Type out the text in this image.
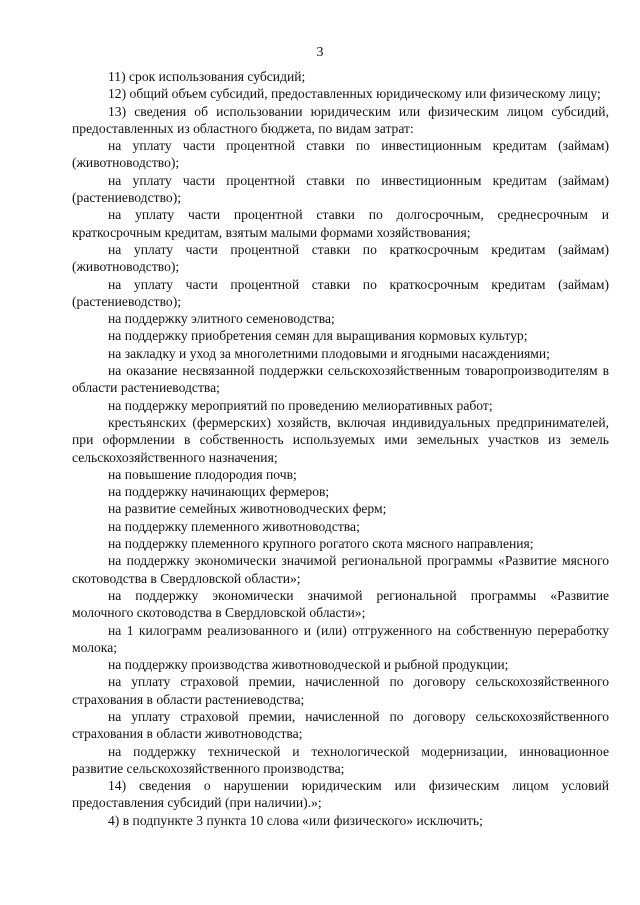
3

11) срок использования субсидий;

12) общий объем субсидий, предоставленных юридическому или физическому лицу;

13) сведения об использовании юридическим или физическим лицом субсидий, предоставленных из областного бюджета, по видам затрат:

на уплату части процентной ставки по инвестиционным кредитам (займам) (животноводство);

на уплату части процентной ставки по инвестиционным кредитам (займам) (растениеводство);

на уплату части процентной ставки по долгосрочным, среднесрочным и краткосрочным кредитам, взятым малыми формами хозяйствования;

на уплату части процентной ставки по краткосрочным кредитам (займам) (животноводство);

на уплату части процентной ставки по краткосрочным кредитам (займам) (растениеводство);

на поддержку элитного семеноводства;

на поддержку приобретения семян для выращивания кормовых культур;

на закладку и уход за многолетними плодовыми и ягодными насаждениями;

на оказание несвязанной поддержки сельскохозяйственным товаропроизводителям в области растениеводства;

на поддержку мероприятий по проведению мелиоративных работ;

крестьянских (фермерских) хозяйств, включая индивидуальных предпринимателей, при оформлении в собственность используемых ими земельных участков из земель сельскохозяйственного назначения;

на повышение плодородия почв;

на поддержку начинающих фермеров;

на развитие семейных животноводческих ферм;

на поддержку племенного животноводства;

на поддержку племенного крупного рогатого скота мясного направления;

на поддержку экономически значимой региональной программы «Развитие мясного скотоводства в Свердловской области»;

на поддержку экономически значимой региональной программы «Развитие молочного скотоводства в Свердловской области»;

на 1 килограмм реализованного и (или) отгруженного на собственную переработку молока;

на поддержку производства животноводческой и рыбной продукции;

на уплату страховой премии, начисленной по договору сельскохозяйственного страхования в области растениеводства;

на уплату страховой премии, начисленной по договору сельскохозяйственного страхования в области животноводства;

на поддержку технической и технологической модернизации, инновационное развитие сельскохозяйственного производства;

14) сведения о нарушении юридическим или физическим лицом условий предоставления субсидий (при наличии).»;

4) в подпункте 3 пункта 10 слова «или физического» исключить;
